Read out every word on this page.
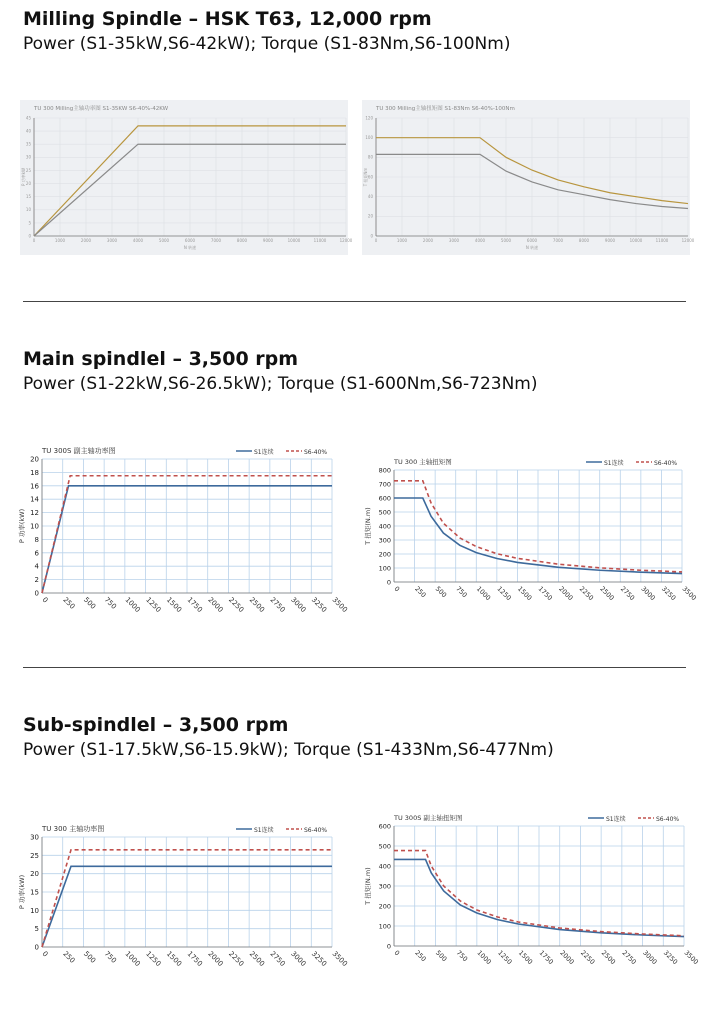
Milling Spindle – HSK T63, 12,000 rpm
Power (S1-35kW,S6-42kW); Torque (S1-83Nm,S6-100Nm)
0
5
10
15
20
25
30
35
40
45
0	1000	2000	3000	4000	5000	6000	7000	8000	9000	10000	11000	12000
TU 300 Milling主轴功率图 S1-35KW S6-40%-42KW
P 功率kW
N 转速
0
20
40
60
80
100
120
0	1000	2000	3000	4000	5000	6000	7000	8000	9000	10000	11000	12000
TU 300 Milling主轴扭矩图 S1-83Nm S6-40%-100Nm
T 扭矩Nm
N 转速
Main spindlel – 3,500 rpm
Power (S1-22kW,S6-26.5kW); Torque (S1-600Nm,S6-723Nm)
0
2
4
6
8
10
12
14
16
18
20
0 250 500 750 1000 1250 1500 1750 2000 2250 2500 2750 3000 3250 3500
TU 300S 副主轴功率图
P 功率(kW)
S1连续	S6-40%
0
100
200
300
400
500
600
700
800
0 250 500 750 1000 1250 1500 1750 2000 2250 2500 2750 3000 3250 3500
TU 300 主轴扭矩图
T 扭矩(N.m)
S1连续	S6-40%
Sub-spindlel – 3,500 rpm
Power (S1-17.5kW,S6-15.9kW); Torque (S1-433Nm,S6-477Nm)
0
5
10
15
20
25
30
0 250 500 750 1000 1250 1500 1750 2000 2250 2500 2750 3000 3250 3500
TU 300 主轴功率图
P 功率(kW)
S1连续	S6-40%
0
100
200
300
400
500
600
0 250 500 750 1000 1250 1500 1750 2000 2250 2500 2750 3000 3250 3500
TU 300S 副主轴扭矩图
T 扭矩(N.m)
S1连续	S6-40%
